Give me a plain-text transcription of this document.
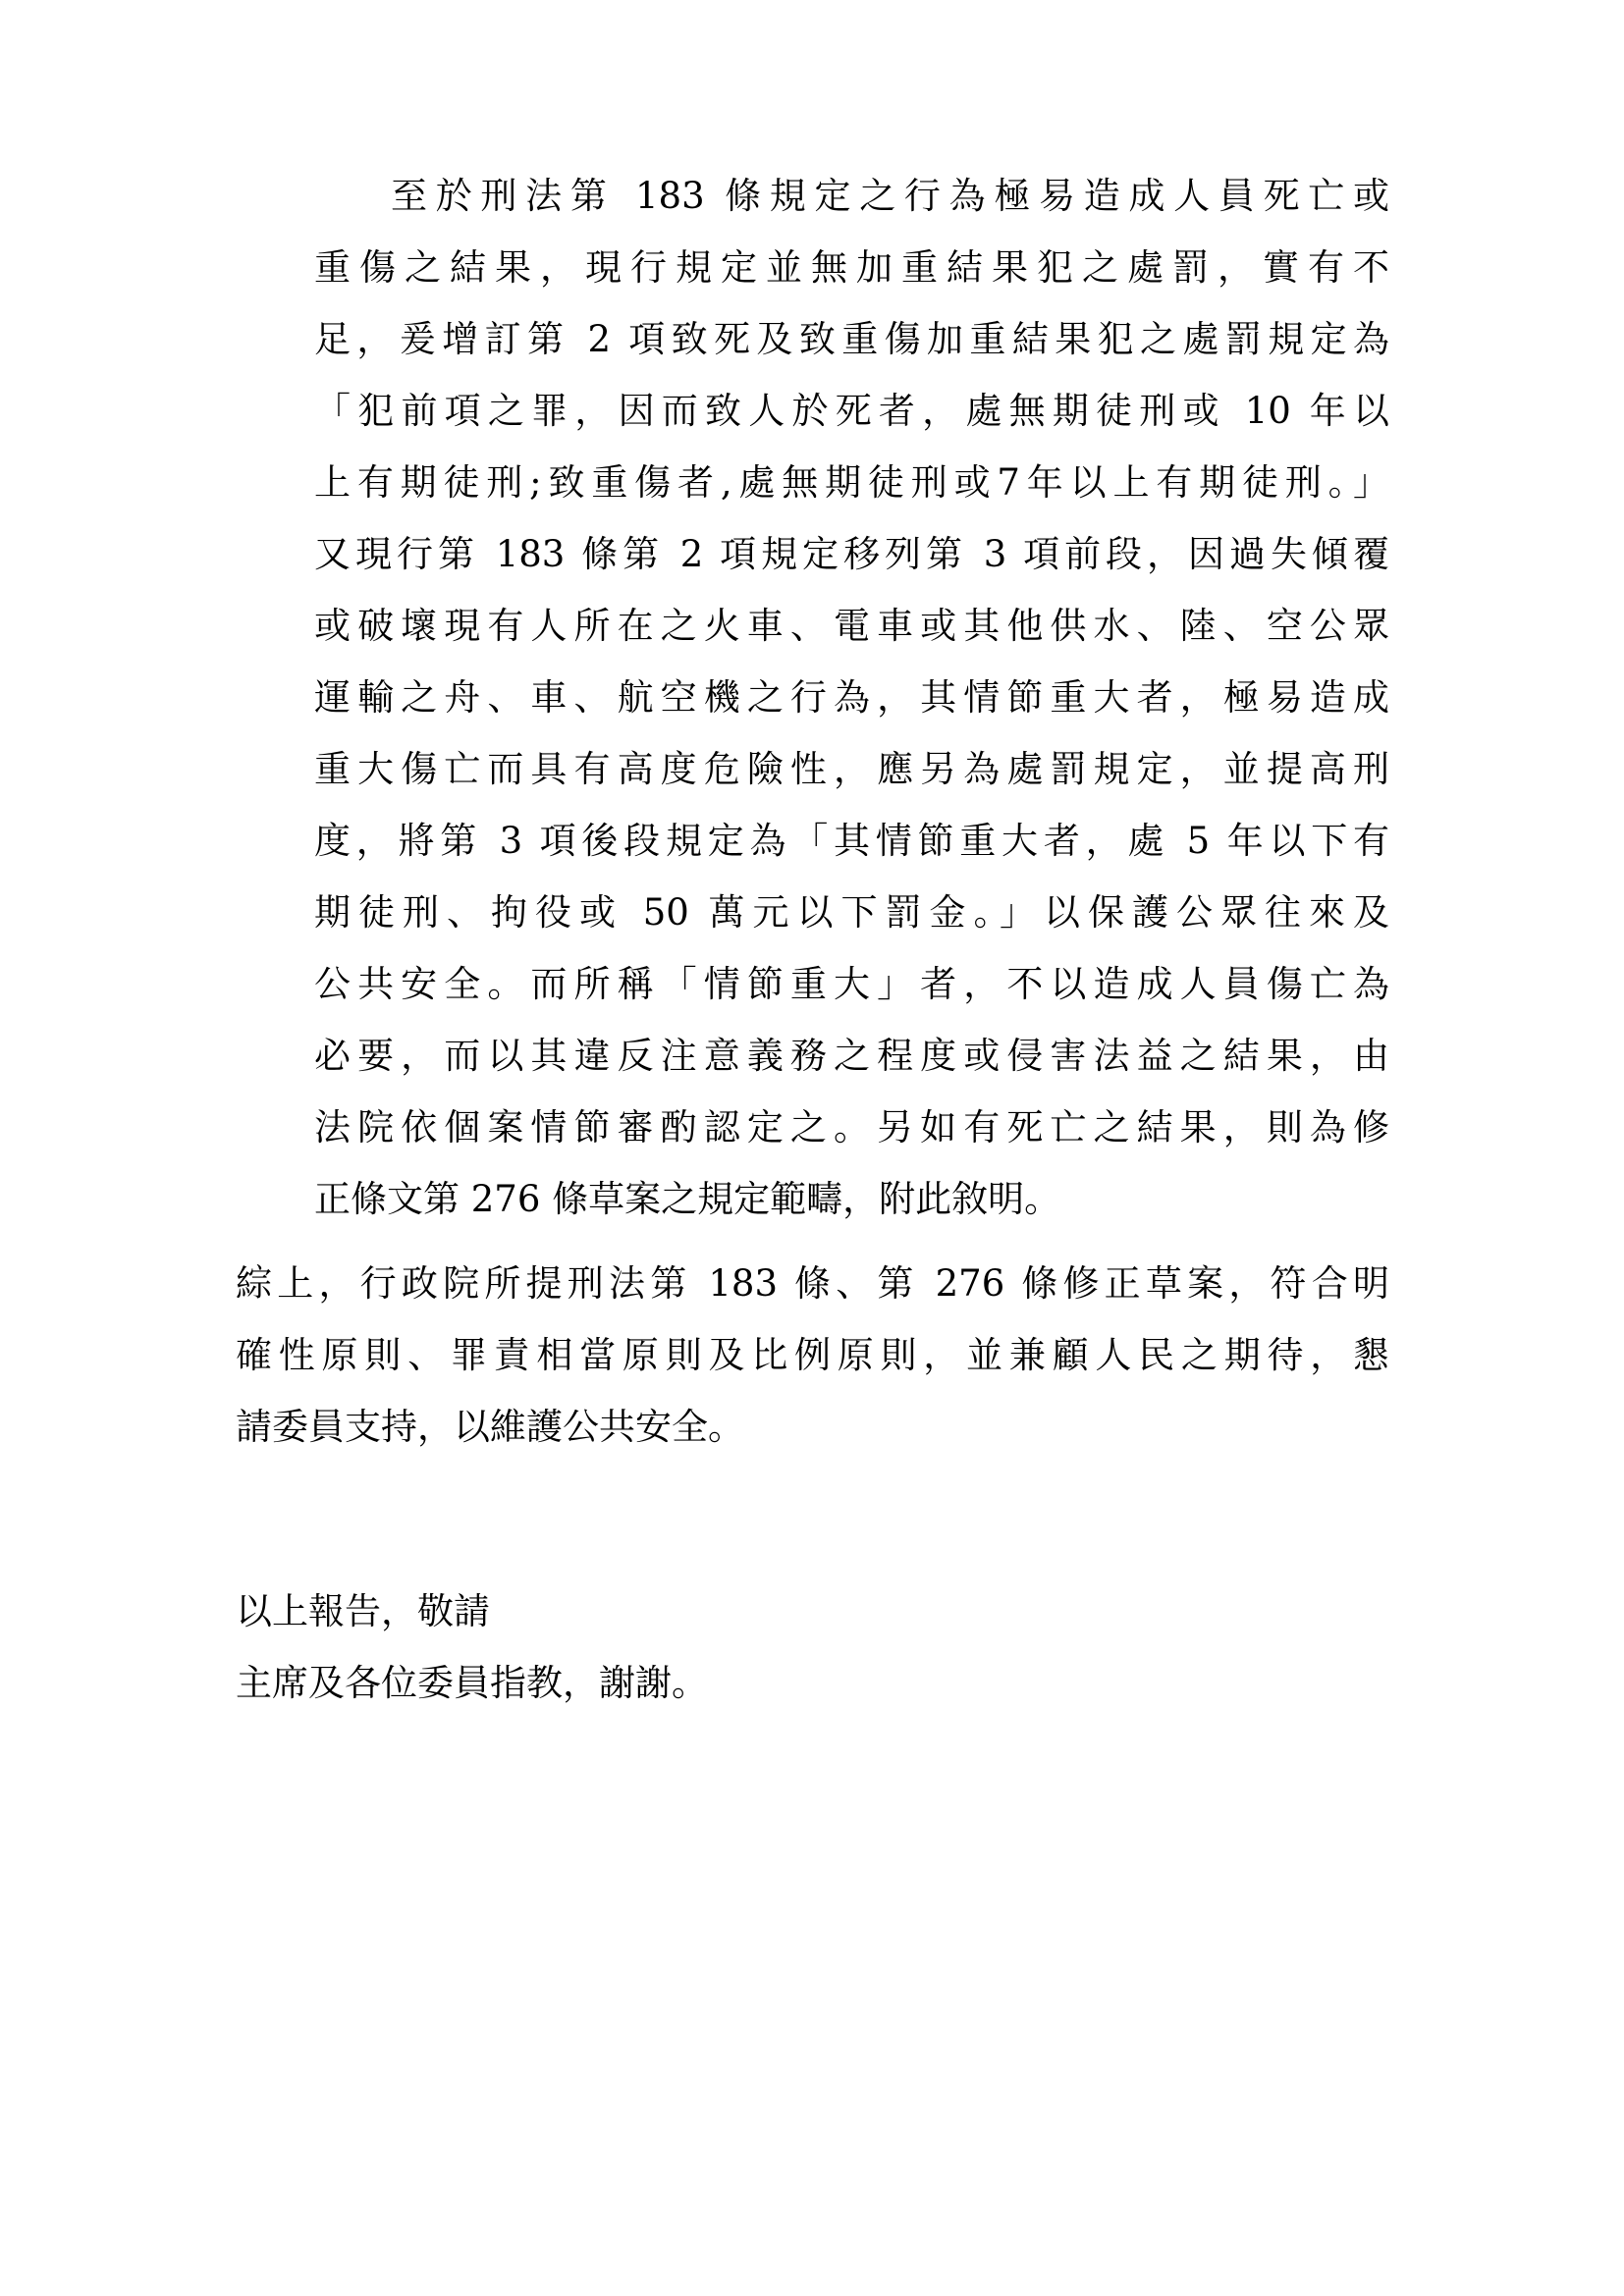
至於刑法第 183 條規定之行為極易造成人員死亡或

重傷之結果，現行規定並無加重結果犯之處罰，實有不

足，爰增訂第 2 項致死及致重傷加重結果犯之處罰規定為

「犯前項之罪，因而致人於死者，處無期徒刑或 10 年以

上有期徒刑;致重傷者,處無期徒刑或7年以上有期徒刑。」

又現行第 183 條第 2 項規定移列第 3 項前段，因過失傾覆

或破壞現有人所在之火車、電車或其他供水、陸、空公眾

運輸之舟、車、航空機之行為，其情節重大者，極易造成

重大傷亡而具有高度危險性，應另為處罰規定，並提高刑

度，將第 3 項後段規定為「其情節重大者，處 5 年以下有

期徒刑、拘役或 50 萬元以下罰金。」以保護公眾往來及

公共安全。而所稱「情節重大」者，不以造成人員傷亡為

必要，而以其違反注意義務之程度或侵害法益之結果，由

法院依個案情節審酌認定之。另如有死亡之結果，則為修

正條文第 276 條草案之規定範疇，附此敘明。

綜上，行政院所提刑法第 183 條、第 276 條修正草案，符合明

確性原則、罪責相當原則及比例原則，並兼顧人民之期待，懇

請委員支持，以維護公共安全。

以上報告，敬請

主席及各位委員指教，謝謝。
